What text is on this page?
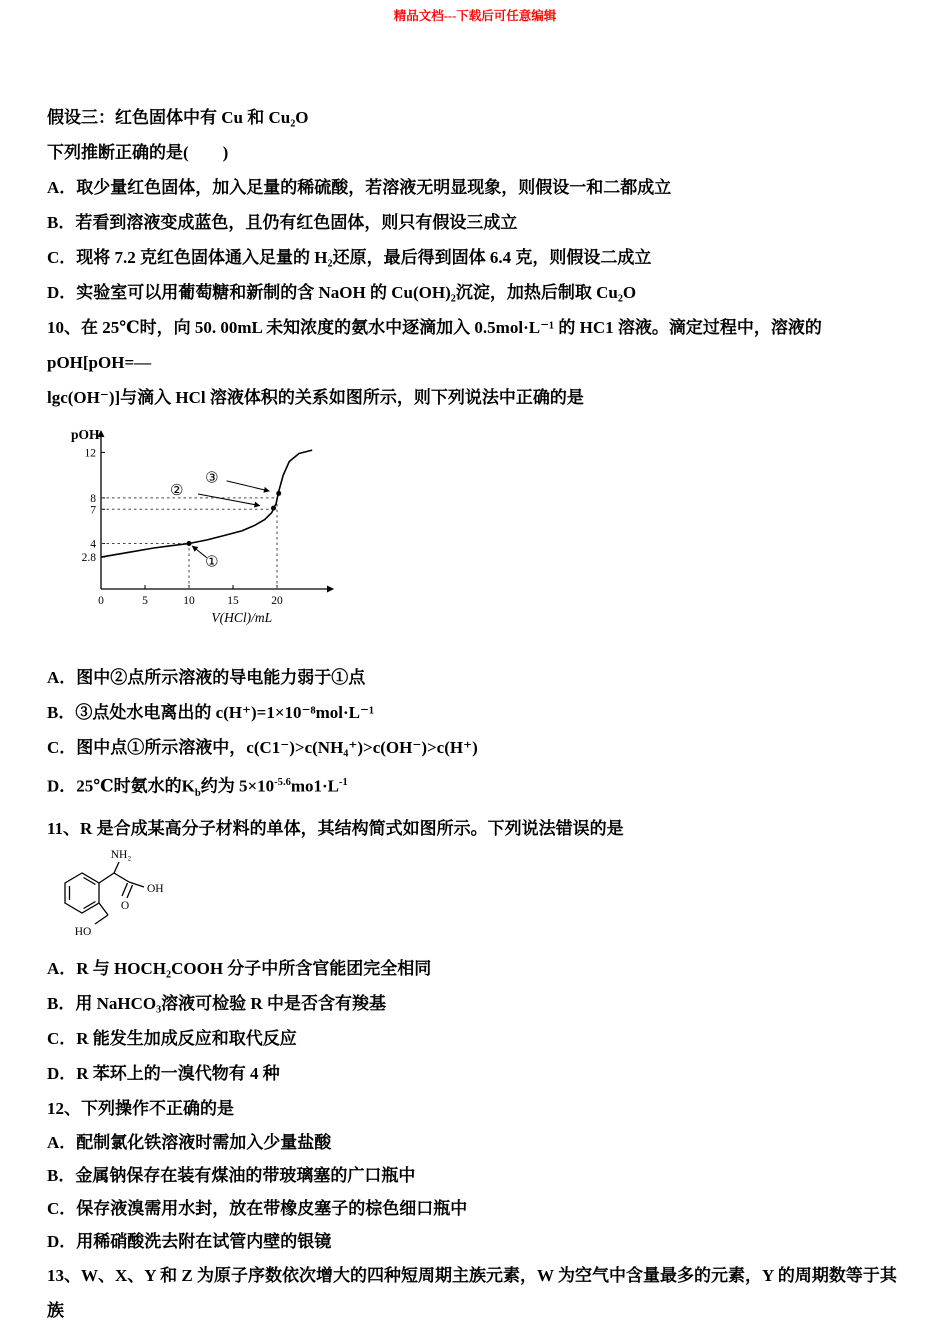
精品文档---下载后可任意编辑

假设三：红色固体中有 Cu 和 Cu₂O

下列推断正确的是(　　)

A．取少量红色固体，加入足量的稀硫酸，若溶液无明显现象，则假设一和二都成立

B．若看到溶液变成蓝色，且仍有红色固体，则只有假设三成立

C．现将 7.2 克红色固体通入足量的 H₂还原，最后得到固体 6.4 克，则假设二成立

D．实验室可以用葡萄糖和新制的含 NaOH 的 Cu(OH)₂沉淀，加热后制取 Cu₂O

10、在 25℃时，向 50. 00mL 未知浓度的氨水中逐滴加入 0.5mol·L⁻¹ 的 HC1 溶液。滴定过程中，溶液的 pOH[pOH=—

lgc(OH⁻)]与滴入 HCl 溶液体积的关系如图所示，则下列说法中正确的是

2.8
4
7
8
12
0	5	10	15	20
①
②
③
pOH
V(HCl)/mL

A．图中②点所示溶液的导电能力弱于①点

B．③点处水电离出的 c(H⁺)=1×10⁻⁸mol·L⁻¹

C．图中点①所示溶液中，c(C1⁻)>c(NH₄⁺)>c(OH⁻)>c(H⁺)

D．25℃时氨水的$K_b$约为 $5\times 10^{-5.6}mo1\cdot L^{-1}$

11、R 是合成某高分子材料的单体，其结构简式如图所示。下列说法错误的是

NH₂
OH
O
HO

A．R 与 HOCH₂COOH 分子中所含官能团完全相同

B．用 NaHCO₃溶液可检验 R 中是否含有羧基

C．R 能发生加成反应和取代反应

D．R 苯环上的一溴代物有 4 种

12、下列操作不正确的是

A．配制氯化铁溶液时需加入少量盐酸

B．金属钠保存在装有煤油的带玻璃塞的广口瓶中

C．保存液溴需用水封，放在带橡皮塞子的棕色细口瓶中

D．用稀硝酸洗去附在试管内壁的银镜

13、W、X、Y 和 Z 为原子序数依次增大的四种短周期主族元素，W 为空气中含量最多的元素，Y 的周期数等于其族
